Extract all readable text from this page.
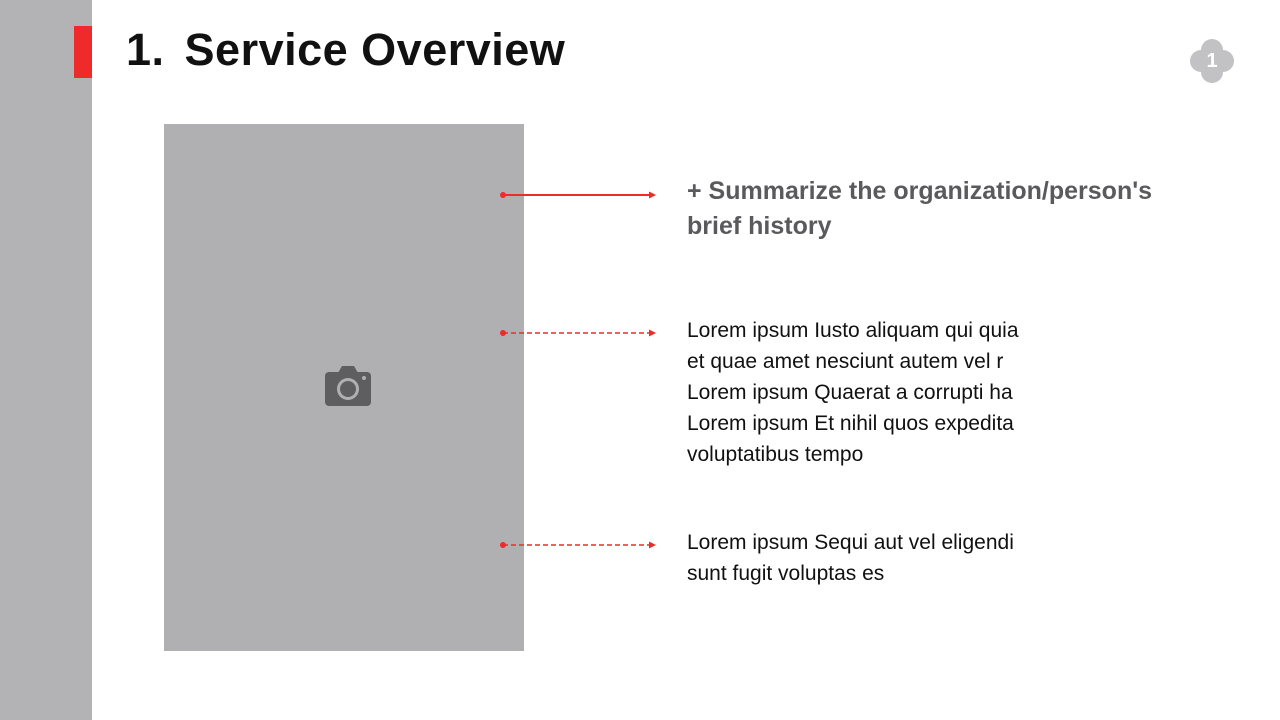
1. Service Overview	1
+ Summarize the organization/person's brief history
Lorem ipsum Iusto aliquam qui quia
et quae amet nesciunt autem vel r
Lorem ipsum Quaerat a corrupti ha
Lorem ipsum Et nihil quos expedita
voluptatibus tempo
Lorem ipsum Sequi aut vel eligendi
sunt fugit voluptas es
